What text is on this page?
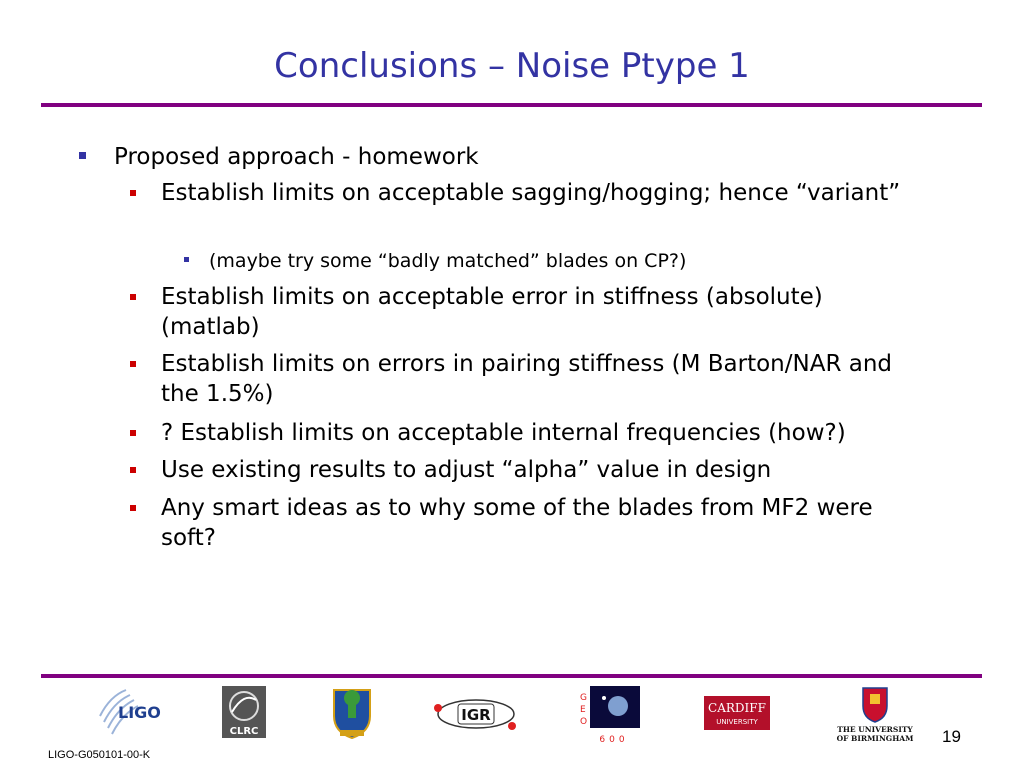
Conclusions – Noise Ptype 1
Proposed approach - homework
Establish limits on acceptable sagging/hogging; hence “variant”
(maybe try some “badly matched” blades on CP?)
Establish limits on acceptable error in stiffness (absolute) (matlab)
Establish limits on errors in pairing stiffness (M Barton/NAR and the 1.5%)
? Establish limits on acceptable internal frequencies (how?)
Use existing results to adjust “alpha” value in design
Any smart ideas as to why some of the blades from MF2 were soft?
LIGO
CLRC
IGR
G
E
O
600
CARDIFF
UNIVERSITY
THE UNIVERSITY
OF BIRMINGHAM 19
LIGO-G050101-00-K
